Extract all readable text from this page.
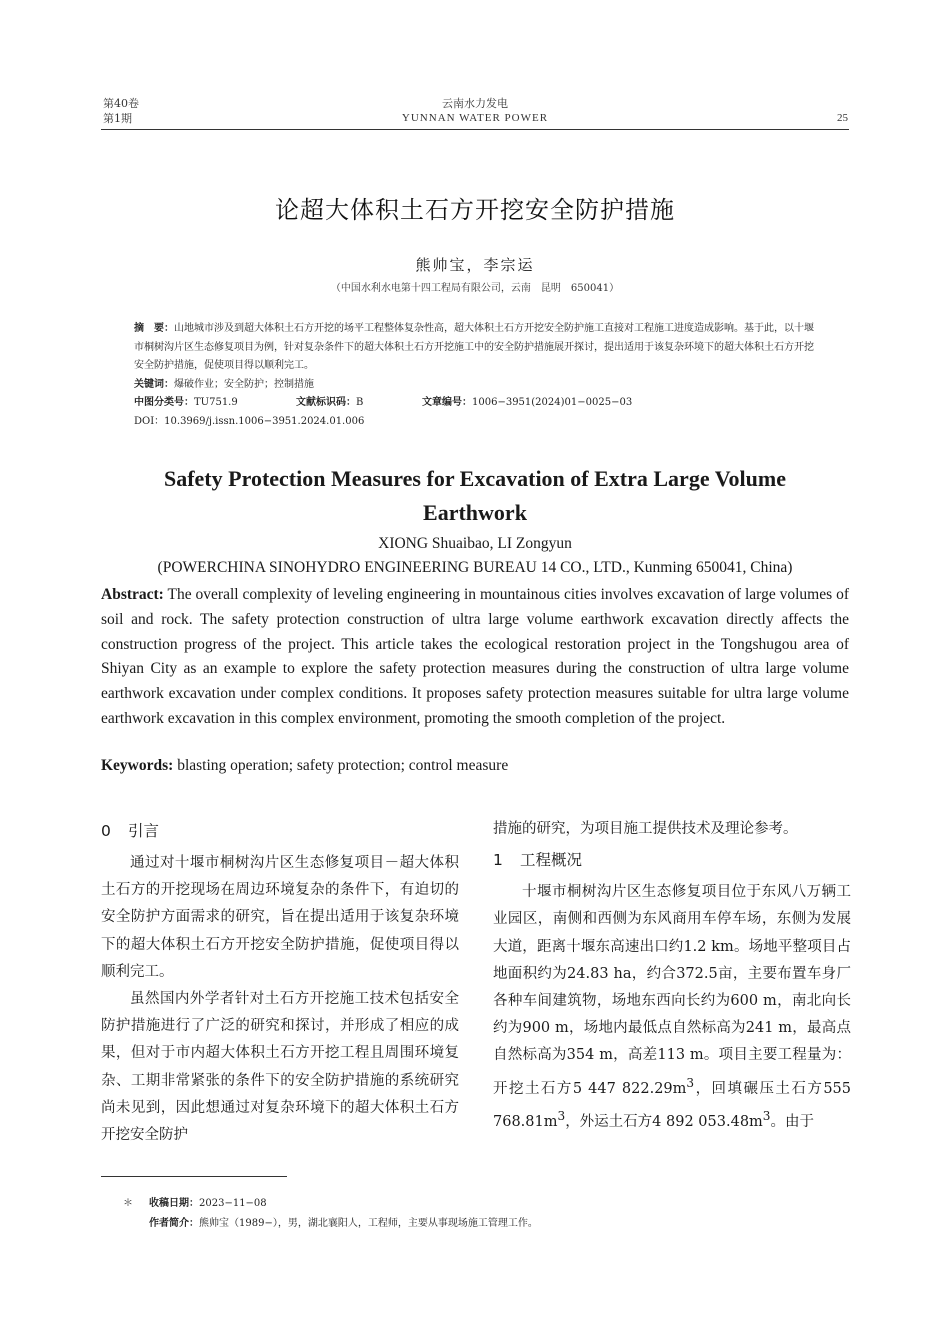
第40卷
第1期
云南水力发电
YUNNAN WATER POWER	25
论超大体积土石方开挖安全防护措施
熊帅宝，李宗运
（中国水利水电第十四工程局有限公司，云南　昆明　650041）
摘　要：山地城市涉及到超大体积土石方开挖的场平工程整体复杂性高，超大体积土石方开挖安全防护施工直接对工程施工进度造成影响。基于此，以十堰市桐树沟片区生态修复项目为例，针对复杂条件下的超大体积土石方开挖施工中的安全防护措施展开探讨，提出适用于该复杂环境下的超大体积土石方开挖安全防护措施，促使项目得以顺利完工。
关键词：爆破作业；安全防护；控制措施
中图分类号：TU751.9	文献标识码：B	文章编号：1006−3951(2024)01−0025−03
DOI：10.3969/j.issn.1006−3951.2024.01.006
Safety Protection Measures for Excavation of Extra Large Volume Earthwork
XIONG Shuaibao, LI Zongyun
(POWERCHINA SINOHYDRO ENGINEERING BUREAU 14 CO., LTD., Kunming 650041, China)
Abstract: The overall complexity of leveling engineering in mountainous cities involves excavation of large volumes of soil and rock. The safety protection construction of ultra large volume earthwork excavation directly affects the construction progress of the project. This article takes the ecological restoration project in the Tongshugou area of Shiyan City as an example to explore the safety protection measures during the construction of ultra large volume earthwork excavation under complex conditions. It proposes safety protection measures suitable for ultra large volume earthwork excavation in this complex environment, promoting the smooth completion of the project.
Keywords: blasting operation; safety protection; control measure
0 引言

通过对十堰市桐树沟片区生态修复项目－超大体积土石方的开挖现场在周边环境复杂的条件下，有迫切的安全防护方面需求的研究，旨在提出适用于该复杂环境下的超大体积土石方开挖安全防护措施，促使项目得以顺利完工。

虽然国内外学者针对土石方开挖施工技术包括安全防护措施进行了广泛的研究和探讨，并形成了相应的成果，但对于市内超大体积土石方开挖工程且周围环境复杂、工期非常紧张的条件下的安全防护措施的系统研究尚未见到，因此想通过对复杂环境下的超大体积土石方开挖安全防护

措施的研究，为项目施工提供技术及理论参考。

1 工程概况

十堰市桐树沟片区生态修复项目位于东风八万辆工业园区，南侧和西侧为东风商用车停车场，东侧为发展大道，距离十堰东高速出口约1.2 km。场地平整项目占地面积约为24.83 ha，约合372.5亩，主要布置车身厂各种车间建筑物，场地东西向长约为600 m，南北向长约为900 m，场地内最低点自然标高为241 m，最高点自然标高为354 m，高差113 m。项目主要工程量为：开挖土石方5 447 $822.29m^3$，回填碾压土石方555 $768.81m^3$，外运土石方4 892 $053.48m^3$。由于

＊ 收稿日期：2023−11−08
作者简介：熊帅宝（1989−），男，湖北襄阳人，工程师，主要从事现场施工管理工作。
